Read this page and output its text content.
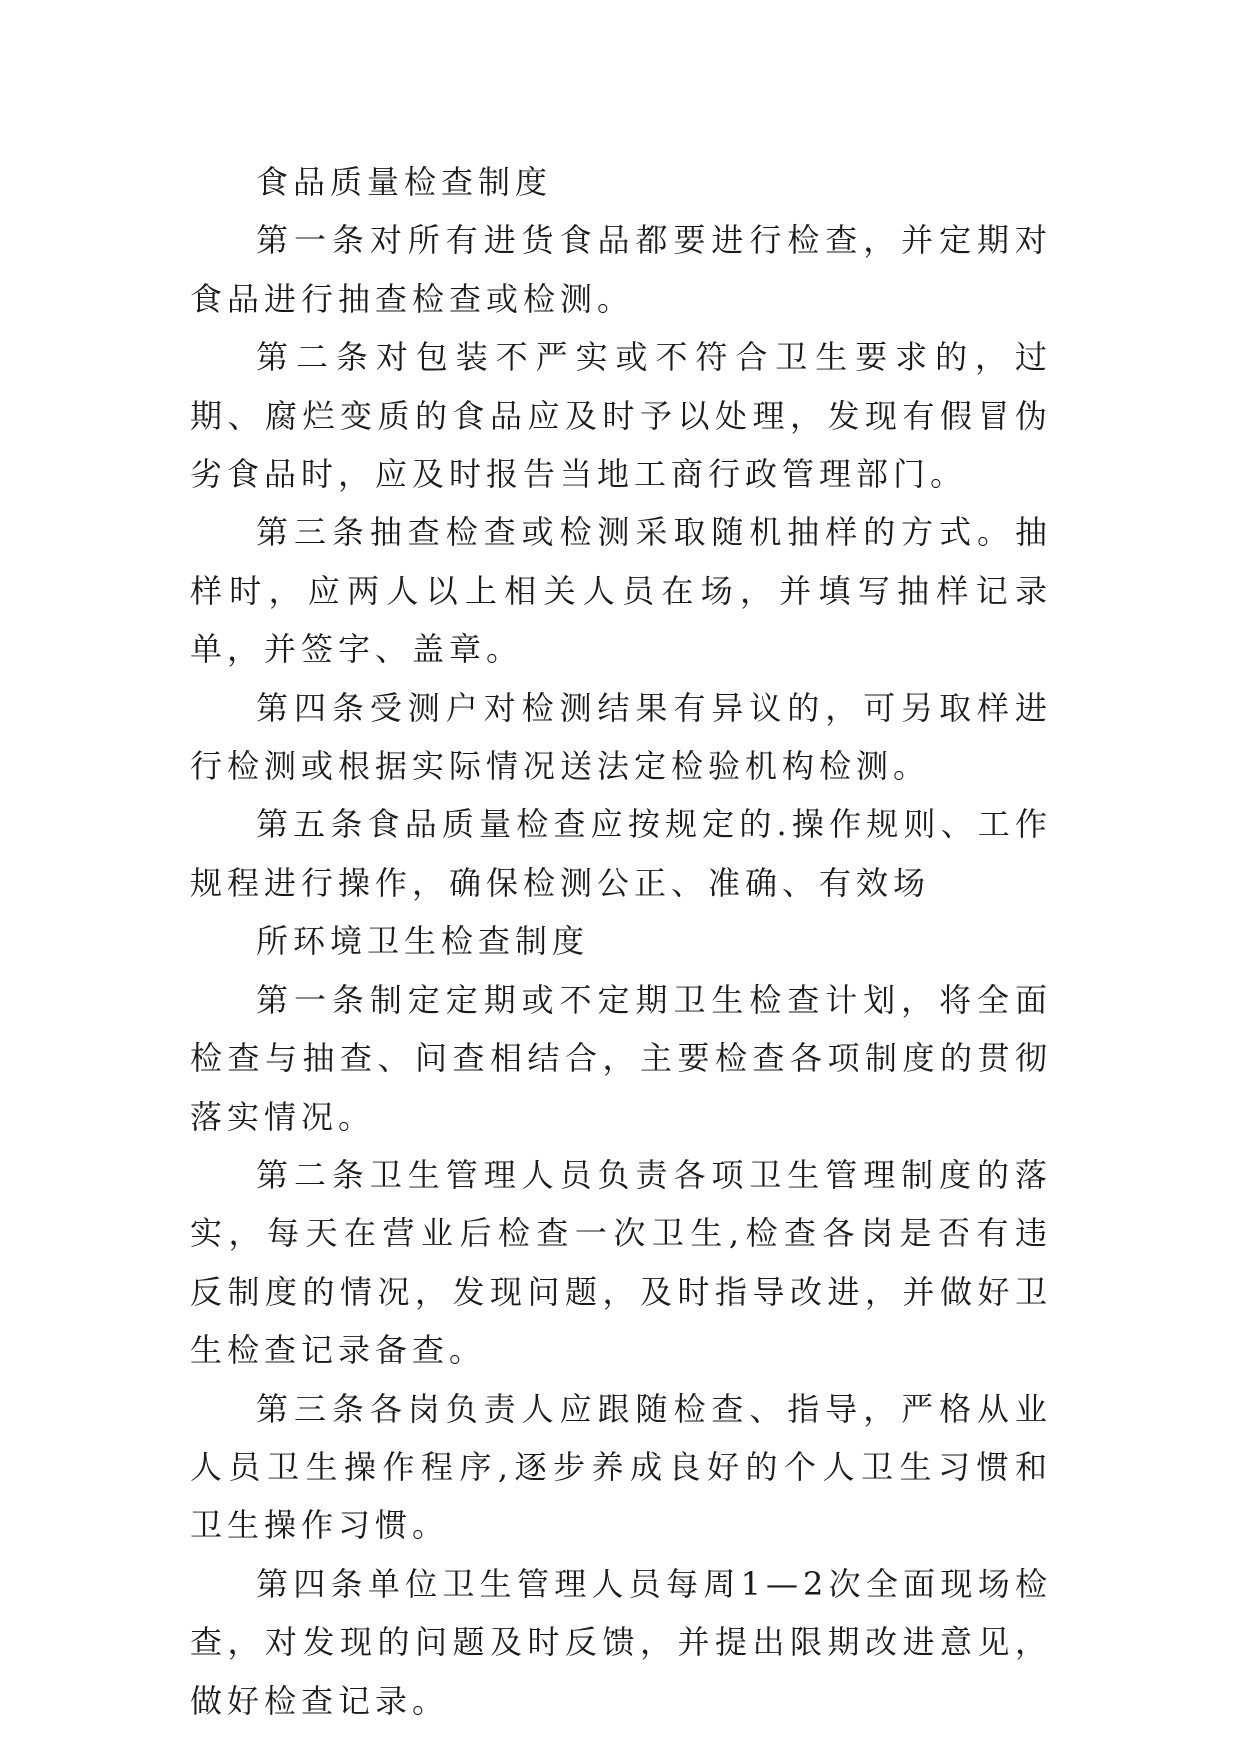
食品质量检查制度

第一条对所有进货食品都要进行检查，并定期对食品进行抽查检查或检测。

第二条对包装不严实或不符合卫生要求的，过期、腐烂变质的食品应及时予以处理，发现有假冒伪劣食品时，应及时报告当地工商行政管理部门。

第三条抽查检查或检测采取随机抽样的方式。抽样时，应两人以上相关人员在场，并填写抽样记录单，并签字、盖章。

第四条受测户对检测结果有异议的，可另取样进行检测或根据实际情况送法定检验机构检测。

第五条食品质量检查应按规定的.操作规则、工作规程进行操作，确保检测公正、准确、有效场

所环境卫生检查制度

第一条制定定期或不定期卫生检查计划，将全面检查与抽查、问查相结合，主要检查各项制度的贯彻落实情况。

第二条卫生管理人员负责各项卫生管理制度的落实，每天在营业后检查一次卫生,检查各岗是否有违反制度的情况，发现问题，及时指导改进，并做好卫生检查记录备查。

第三条各岗负责人应跟随检查、指导，严格从业人员卫生操作程序,逐步养成良好的个人卫生习惯和卫生操作习惯。

第四条单位卫生管理人员每周1—2次全面现场检查，对发现的问题及时反馈，并提出限期改进意见，做好检查记录。
